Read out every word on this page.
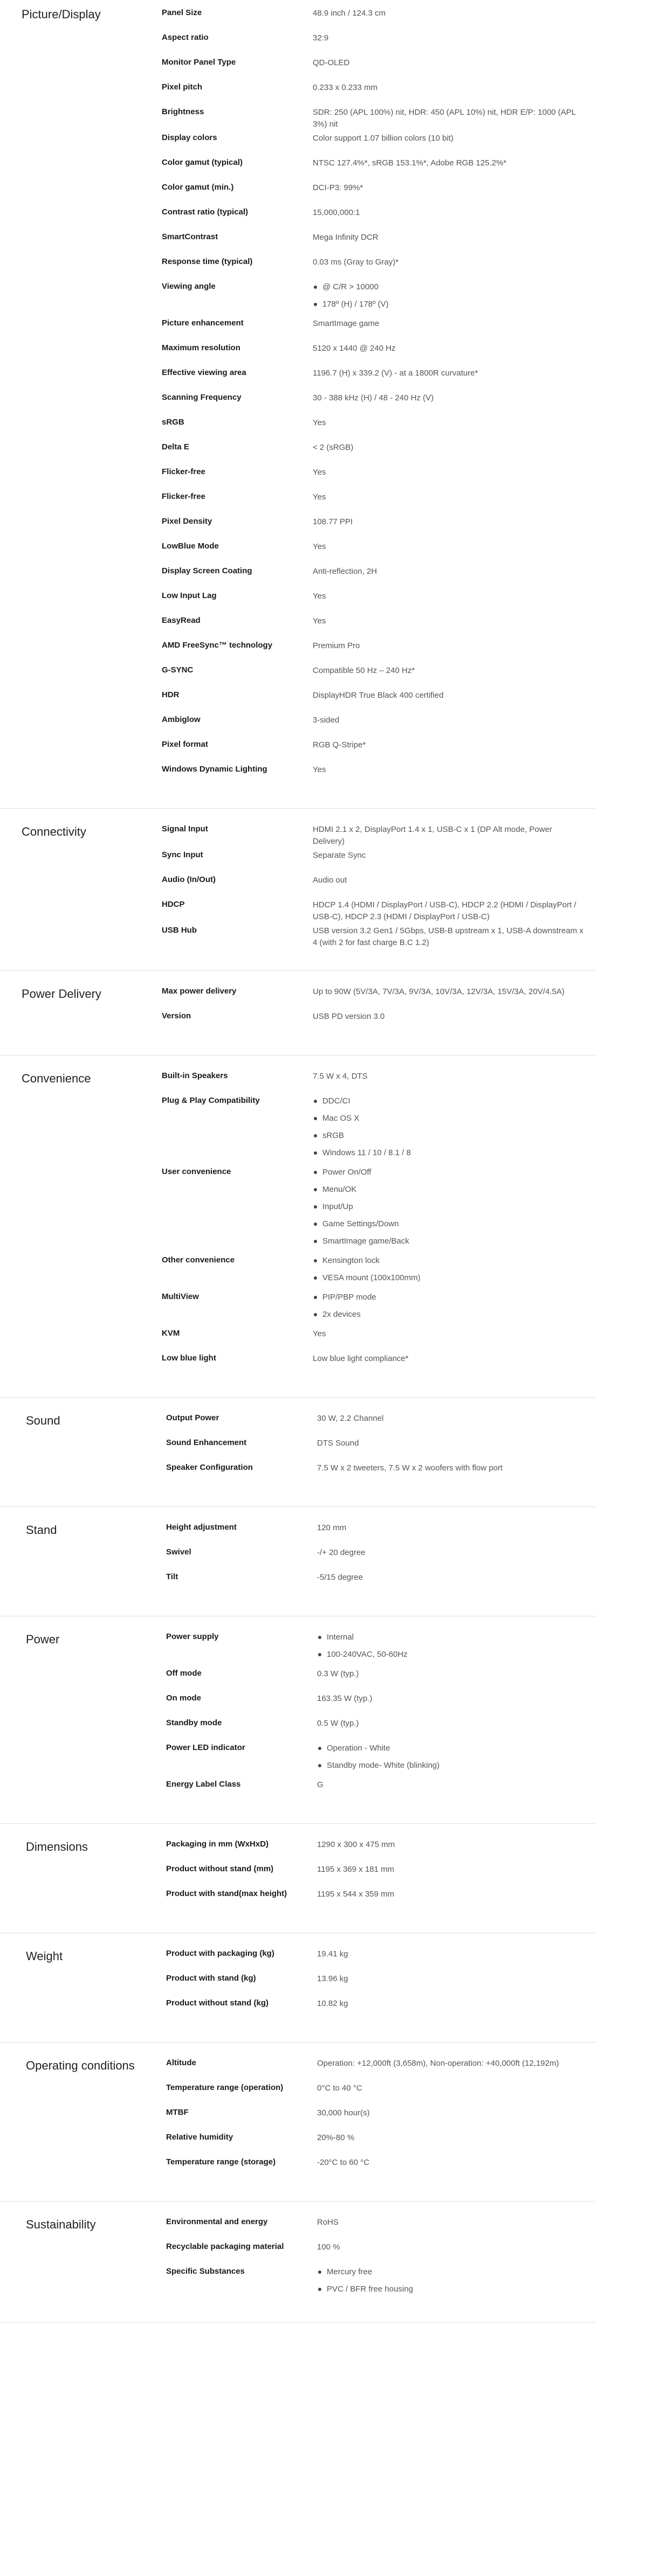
Picture/Display	Panel Size	48.9 inch / 124.3 cm
Aspect ratio	32:9
Monitor Panel Type	QD-OLED
Pixel pitch	0.233 x 0.233 mm
Brightness	SDR: 250 (APL 100%) nit, HDR: 450 (APL 10%) nit, HDR E/P: 1000 (APL 3%) nit
Display colors	Color support 1.07 billion colors (10 bit)
Color gamut (typical)	NTSC 127.4%*, sRGB 153.1%*, Adobe RGB 125.2%*
Color gamut (min.)	DCI-P3: 99%*
Contrast ratio (typical)	15,000,000:1
SmartContrast	Mega Infinity DCR
Response time (typical)	0.03 ms (Gray to Gray)*
Viewing angle	@ C/R > 10000
178º (H) / 178º (V)
Picture enhancement	SmartImage game
Maximum resolution	5120 x 1440 @ 240 Hz
Effective viewing area	1196.7 (H) x 339.2 (V) - at a 1800R curvature*
Scanning Frequency	30 - 388 kHz (H) / 48 - 240 Hz (V)
sRGB	Yes
Delta E	< 2 (sRGB)
Flicker-free	Yes
Flicker-free	Yes
Pixel Density	108.77 PPI
LowBlue Mode	Yes
Display Screen Coating	Anti-reflection, 2H
Low Input Lag	Yes
EasyRead	Yes
AMD FreeSync™ technology	Premium Pro
G-SYNC	Compatible 50 Hz – 240 Hz*
HDR	DisplayHDR True Black 400 certified
Ambiglow	3-sided
Pixel format	RGB Q-Stripe*
Windows Dynamic Lighting	Yes
Connectivity	Signal Input	HDMI 2.1 x 2, DisplayPort 1.4 x 1, USB-C x 1 (DP Alt mode, Power Delivery)
Sync Input	Separate Sync
Audio (In/Out)	Audio out
HDCP	HDCP 1.4 (HDMI / DisplayPort / USB-C), HDCP 2.2 (HDMI / DisplayPort / USB-C), HDCP 2.3 (HDMI / DisplayPort / USB-C)
USB Hub	USB version 3.2 Gen1 / 5Gbps, USB-B upstream x 1, USB-A downstream x 4 (with 2 for fast charge B.C 1.2)
Power Delivery	Max power delivery	Up to 90W (5V/3A, 7V/3A, 9V/3A, 10V/3A, 12V/3A, 15V/3A, 20V/4.5A)
Version	USB PD version 3.0
Convenience	Built-in Speakers	7.5 W x 4, DTS
Plug & Play Compatibility	DDC/CI
Mac OS X
sRGB
Windows 11 / 10 / 8.1 / 8
User convenience	Power On/Off
Menu/OK
Input/Up
Game Settings/Down
SmartImage game/Back
Other convenience	Kensington lock
VESA mount (100x100mm)
MultiView	PIP/PBP mode
2x devices
KVM	Yes
Low blue light	Low blue light compliance*
Sound	Output Power	30 W, 2.2 Channel
Sound Enhancement	DTS Sound
Speaker Configuration	7.5 W x 2 tweeters, 7.5 W x 2 woofers with flow port
Stand	Height adjustment	120 mm
Swivel	-/+ 20 degree
Tilt	-5/15 degree
Power	Power supply	Internal
100-240VAC, 50-60Hz
Off mode	0.3 W (typ.)
On mode	163.35 W (typ.)
Standby mode	0.5 W (typ.)
Power LED indicator	Operation - White
Standby mode- White (blinking)
Energy Label Class	G
Dimensions	Packaging in mm (WxHxD)	1290 x 300 x 475 mm
Product without stand (mm)	1195 x 369 x 181 mm
Product with stand(max height)	1195 x 544 x 359 mm
Weight	Product with packaging (kg)	19.41 kg
Product with stand (kg)	13.96 kg
Product without stand (kg)	10.82 kg
Operating conditions	Altitude	Operation: +12,000ft (3,658m), Non-operation: +40,000ft (12,192m)
Temperature range (operation)	0°C to 40 °C
MTBF	30,000 hour(s)
Relative humidity	20%-80 %
Temperature range (storage)	-20°C to 60 °C
Sustainability	Environmental and energy	RoHS
Recyclable packaging material	100 %
Specific Substances	Mercury free
PVC / BFR free housing
